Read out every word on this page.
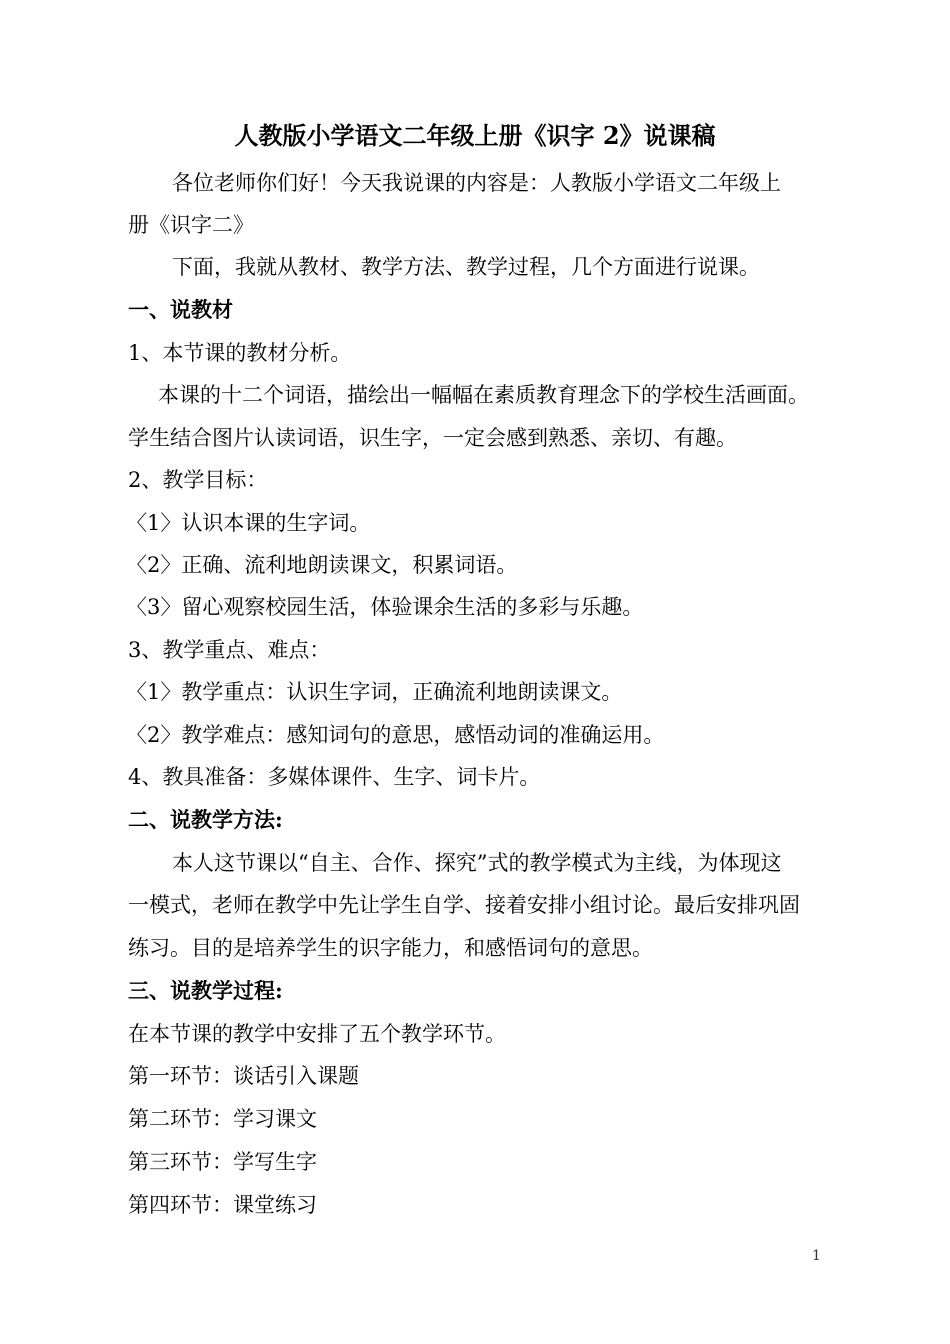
人教版小学语文二年级上册《识字 2》说课稿
各位老师你们好！今天我说课的内容是：人教版小学语文二年级上
册《识字二》
下面，我就从教材、教学方法、教学过程，几个方面进行说课。
一、说教材
1、本节课的教材分析。
本课的十二个词语，描绘出一幅幅在素质教育理念下的学校生活画面。
学生结合图片认读词语，识生字，一定会感到熟悉、亲切、有趣。
2、教学目标：
〈1〉认识本课的生字词。
〈2〉正确、流利地朗读课文，积累词语。
〈3〉留心观察校园生活，体验课余生活的多彩与乐趣。
3、教学重点、难点：
〈1〉教学重点：认识生字词，正确流利地朗读课文。
〈2〉教学难点：感知词句的意思，感悟动词的准确运用。
4、教具准备：多媒体课件、生字、词卡片。
二、说教学方法:
本人这节课以“自主、合作、探究”式的教学模式为主线，为体现这
一模式，老师在教学中先让学生自学、接着安排小组讨论。最后安排巩固
练习。目的是培养学生的识字能力，和感悟词句的意思。
三、说教学过程:
在本节课的教学中安排了五个教学环节。
第一环节：谈话引入课题
第二环节：学习课文
第三环节：学写生字
第四环节：课堂练习
1
